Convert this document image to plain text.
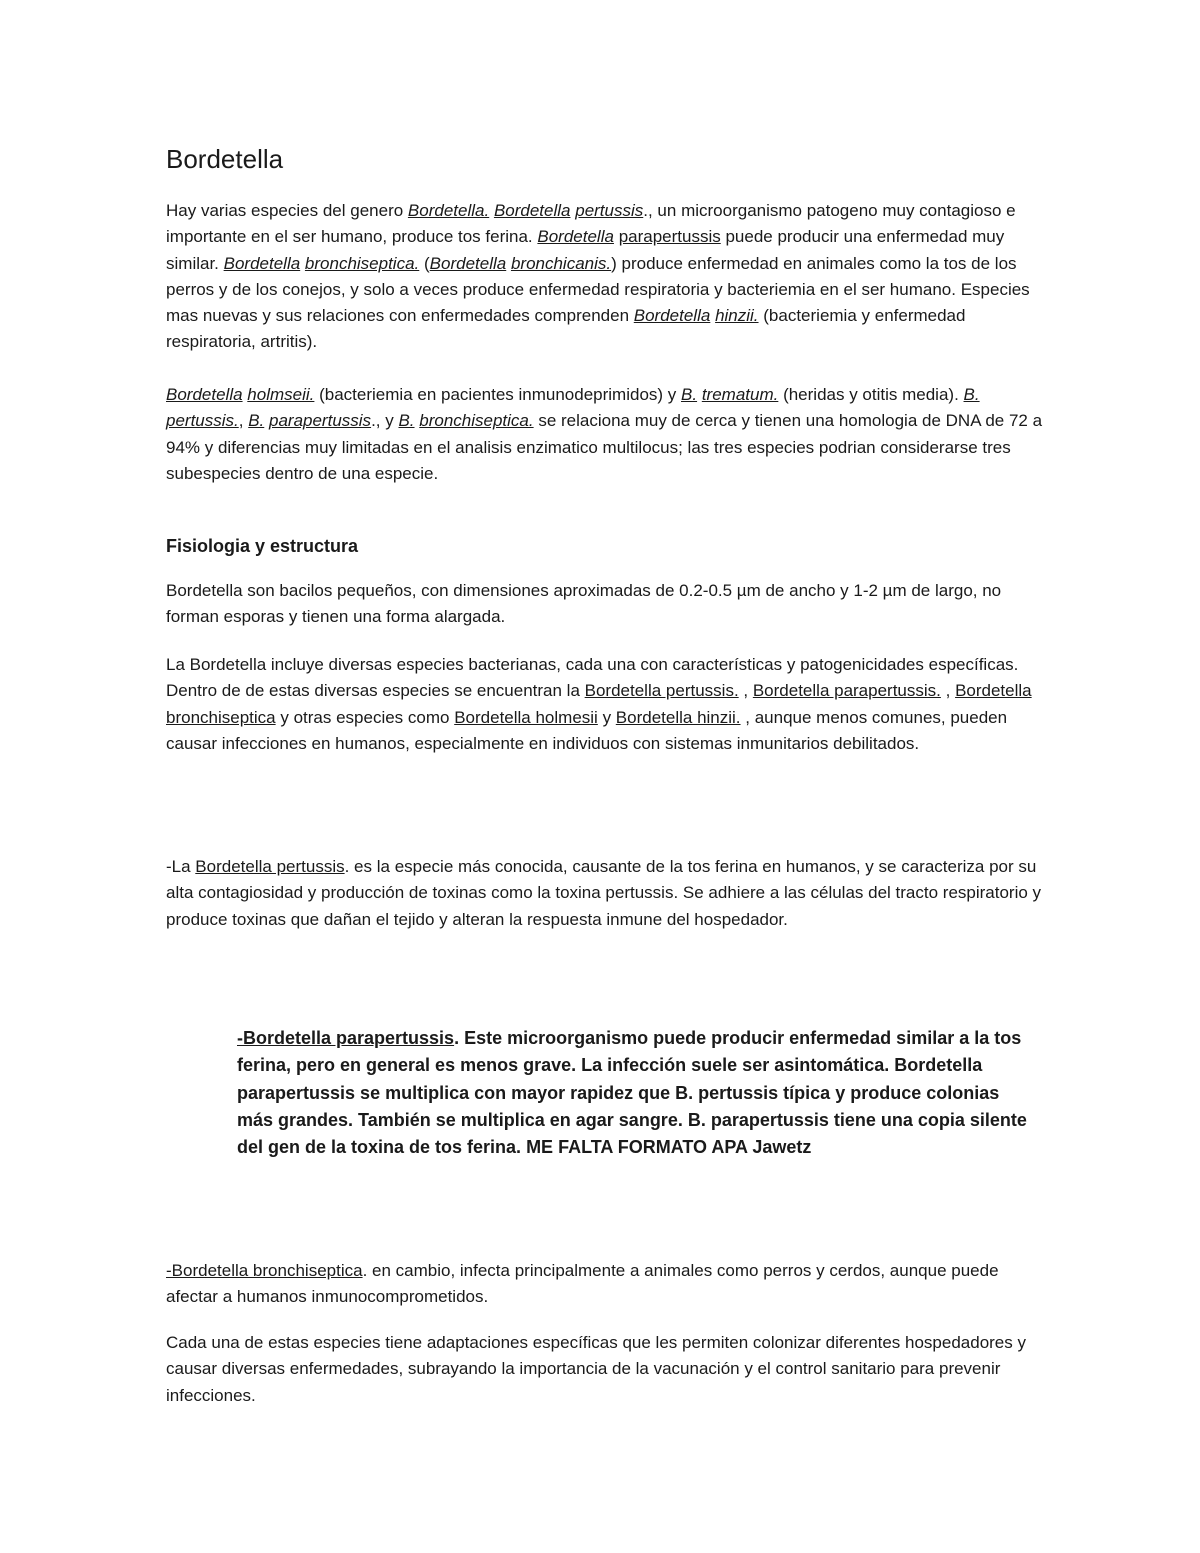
Bordetella

Hay varias especies del genero Bordetella. Bordetella pertussis., un microorganismo patogeno muy contagioso e importante en el ser humano, produce tos ferina. Bordetella parapertussis puede producir una enfermedad muy similar. Bordetella bronchiseptica. (Bordetella bronchicanis.) produce enfermedad en animales como la tos de los perros y de los conejos, y solo a veces produce enfermedad respiratoria y bacteriemia en el ser humano. Especies mas nuevas y sus relaciones con enfermedades comprenden Bordetella hinzii. (bacteriemia y enfermedad respiratoria, artritis).

Bordetella holmseii. (bacteriemia en pacientes inmunodeprimidos) y B. trematum. (heridas y otitis media). B. pertussis., B. parapertussis., y B. bronchiseptica. se relaciona muy de cerca y tienen una homologia de DNA de 72 a 94% y diferencias muy limitadas en el analisis enzimatico multilocus; las tres especies podrian considerarse tres subespecies dentro de una especie.

Fisiologia y estructura

Bordetella son bacilos pequeños, con dimensiones aproximadas de 0.2-0.5 µm de ancho y 1-2 µm de largo, no forman esporas y tienen una forma alargada.

La Bordetella incluye diversas especies bacterianas, cada una con características y patogenicidades específicas. Dentro de de estas diversas especies se encuentran la Bordetella pertussis. , Bordetella parapertussis. , Bordetella bronchiseptica y otras especies como Bordetella holmesii y Bordetella hinzii. , aunque menos comunes, pueden causar infecciones en humanos, especialmente en individuos con sistemas inmunitarios debilitados.

-La Bordetella pertussis. es la especie más conocida, causante de la tos ferina en humanos, y se caracteriza por su alta contagiosidad y producción de toxinas como la toxina pertussis. Se adhiere a las células del tracto respiratorio y produce toxinas que dañan el tejido y alteran la respuesta inmune del hospedador.

-Bordetella parapertussis. Este microorganismo puede producir enfermedad similar a la tos ferina, pero en general es menos grave. La infección suele ser asintomática. Bordetella parapertussis se multiplica con mayor rapidez que B. pertussis típica y produce colonias más grandes. También se multiplica en agar sangre. B. parapertussis tiene una copia silente del gen de la toxina de tos ferina. ME FALTA FORMATO APA Jawetz

-Bordetella bronchiseptica. en cambio, infecta principalmente a animales como perros y cerdos, aunque puede afectar a humanos inmunocomprometidos.

Cada una de estas especies tiene adaptaciones específicas que les permiten colonizar diferentes hospedadores y causar diversas enfermedades, subrayando la importancia de la vacunación y el control sanitario para prevenir infecciones.
